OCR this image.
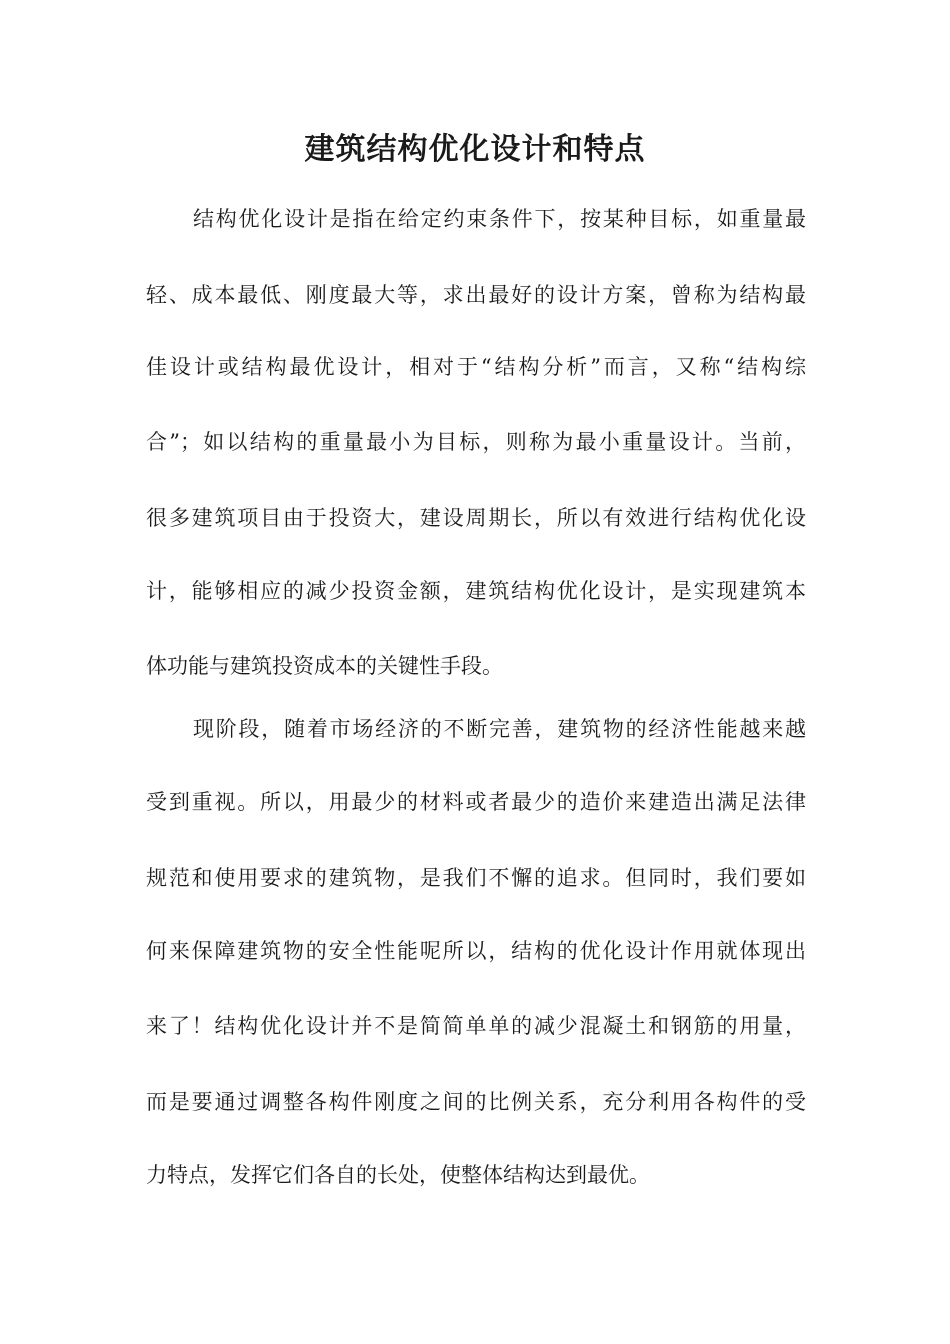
建筑结构优化设计和特点

结构优化设计是指在给定约束条件下，按某种目标，如重量最

轻、成本最低、刚度最大等，求出最好的设计方案，曾称为结构最

佳设计或结构最优设计，相对于“结构分析”而言，又称“结构综

合”；如以结构的重量最小为目标，则称为最小重量设计。当前，

很多建筑项目由于投资大，建设周期长，所以有效进行结构优化设

计，能够相应的减少投资金额，建筑结构优化设计，是实现建筑本

体功能与建筑投资成本的关键性手段。

现阶段，随着市场经济的不断完善，建筑物的经济性能越来越

受到重视。所以，用最少的材料或者最少的造价来建造出满足法律

规范和使用要求的建筑物，是我们不懈的追求。但同时，我们要如

何来保障建筑物的安全性能呢所以，结构的优化设计作用就体现出

来了！结构优化设计并不是简简单单的减少混凝土和钢筋的用量，

而是要通过调整各构件刚度之间的比例关系，充分利用各构件的受

力特点，发挥它们各自的长处，使整体结构达到最优。
